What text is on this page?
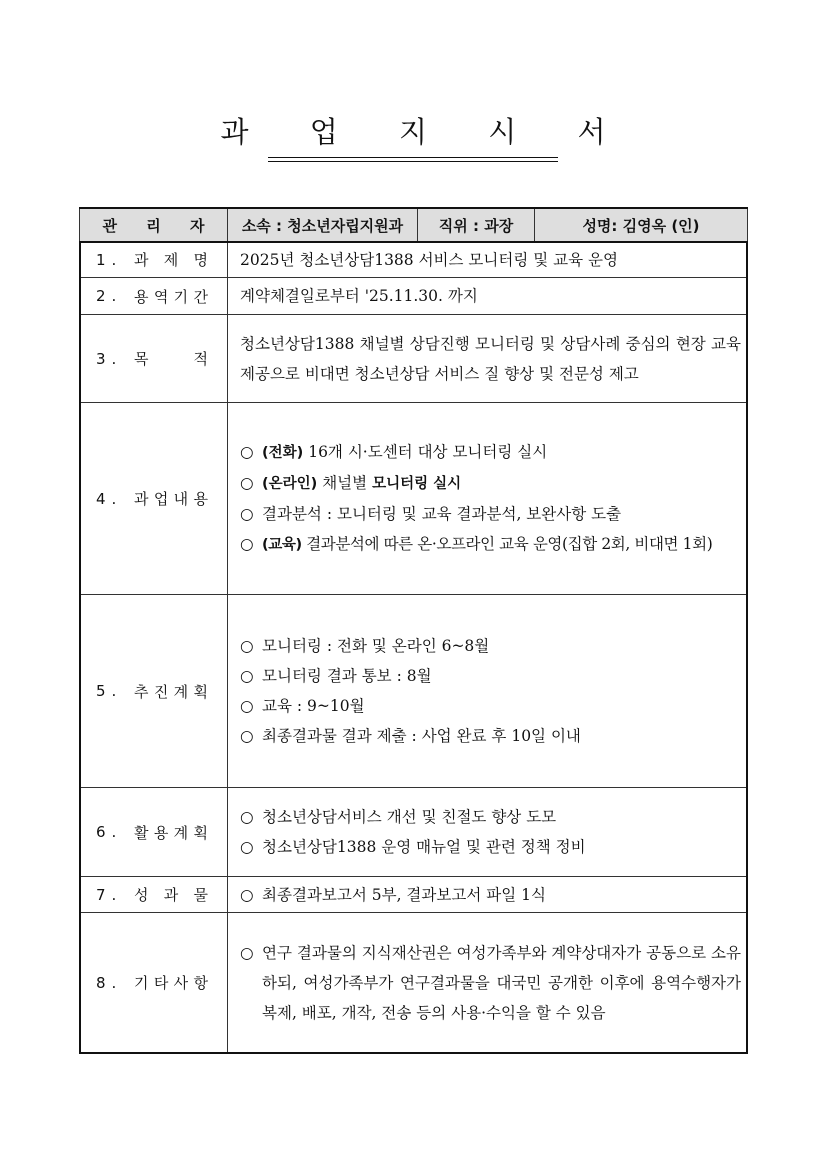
과 업 지 시 서
관 리 자	소속 : 청소년자립지원과	직위 : 과장	성명: 김영옥 (인)

1. 과 제 명	2025년 청소년상담1388 서비스 모니터링 및 교육 운영		

2. 용 역 기 간	계약체결일로부터 '25.11.30. 까지		

3. 목 적	청소년상담1388 채널별 상담진행 모니터링 및 상담사례 중심의 현장 교육 제공으로 비대면 청소년상담 서비스 질 향상 및 전문성 제고		

4. 과 업 내 용	○ (전화) 16개 시·도센터 대상 모니터링 실시
○ (온라인) 채널별 모니터링 실시
○ 결과분석 : 모니터링 및 교육 결과분석, 보완사항 도출
○ (교육) 결과분석에 따른 온·오프라인 교육 운영(집합 2회, 비대면 1회)		

5. 추 진 계 획	○ 모니터링 : 전화 및 온라인 6~8월
○ 모니터링 결과 통보 : 8월
○ 교육 : 9~10월
○ 최종결과물 결과 제출 : 사업 완료 후 10일 이내		

6. 활 용 계 획	○ 청소년상담서비스 개선 및 친절도 향상 도모
○ 청소년상담1388 운영 매뉴얼 및 관련 정책 정비		

7. 성 과 물	○ 최종결과보고서 5부, 결과보고서 파일 1식		

8. 기 타 사 항	○ 연구 결과물의 지식재산권은 여성가족부와 계약상대자가 공동으로 소유하되, 여성가족부가 연구결과물을 대국민 공개한 이후에 용역수행자가 복제, 배포, 개작, 전송 등의 사용·수익을 할 수 있음		
